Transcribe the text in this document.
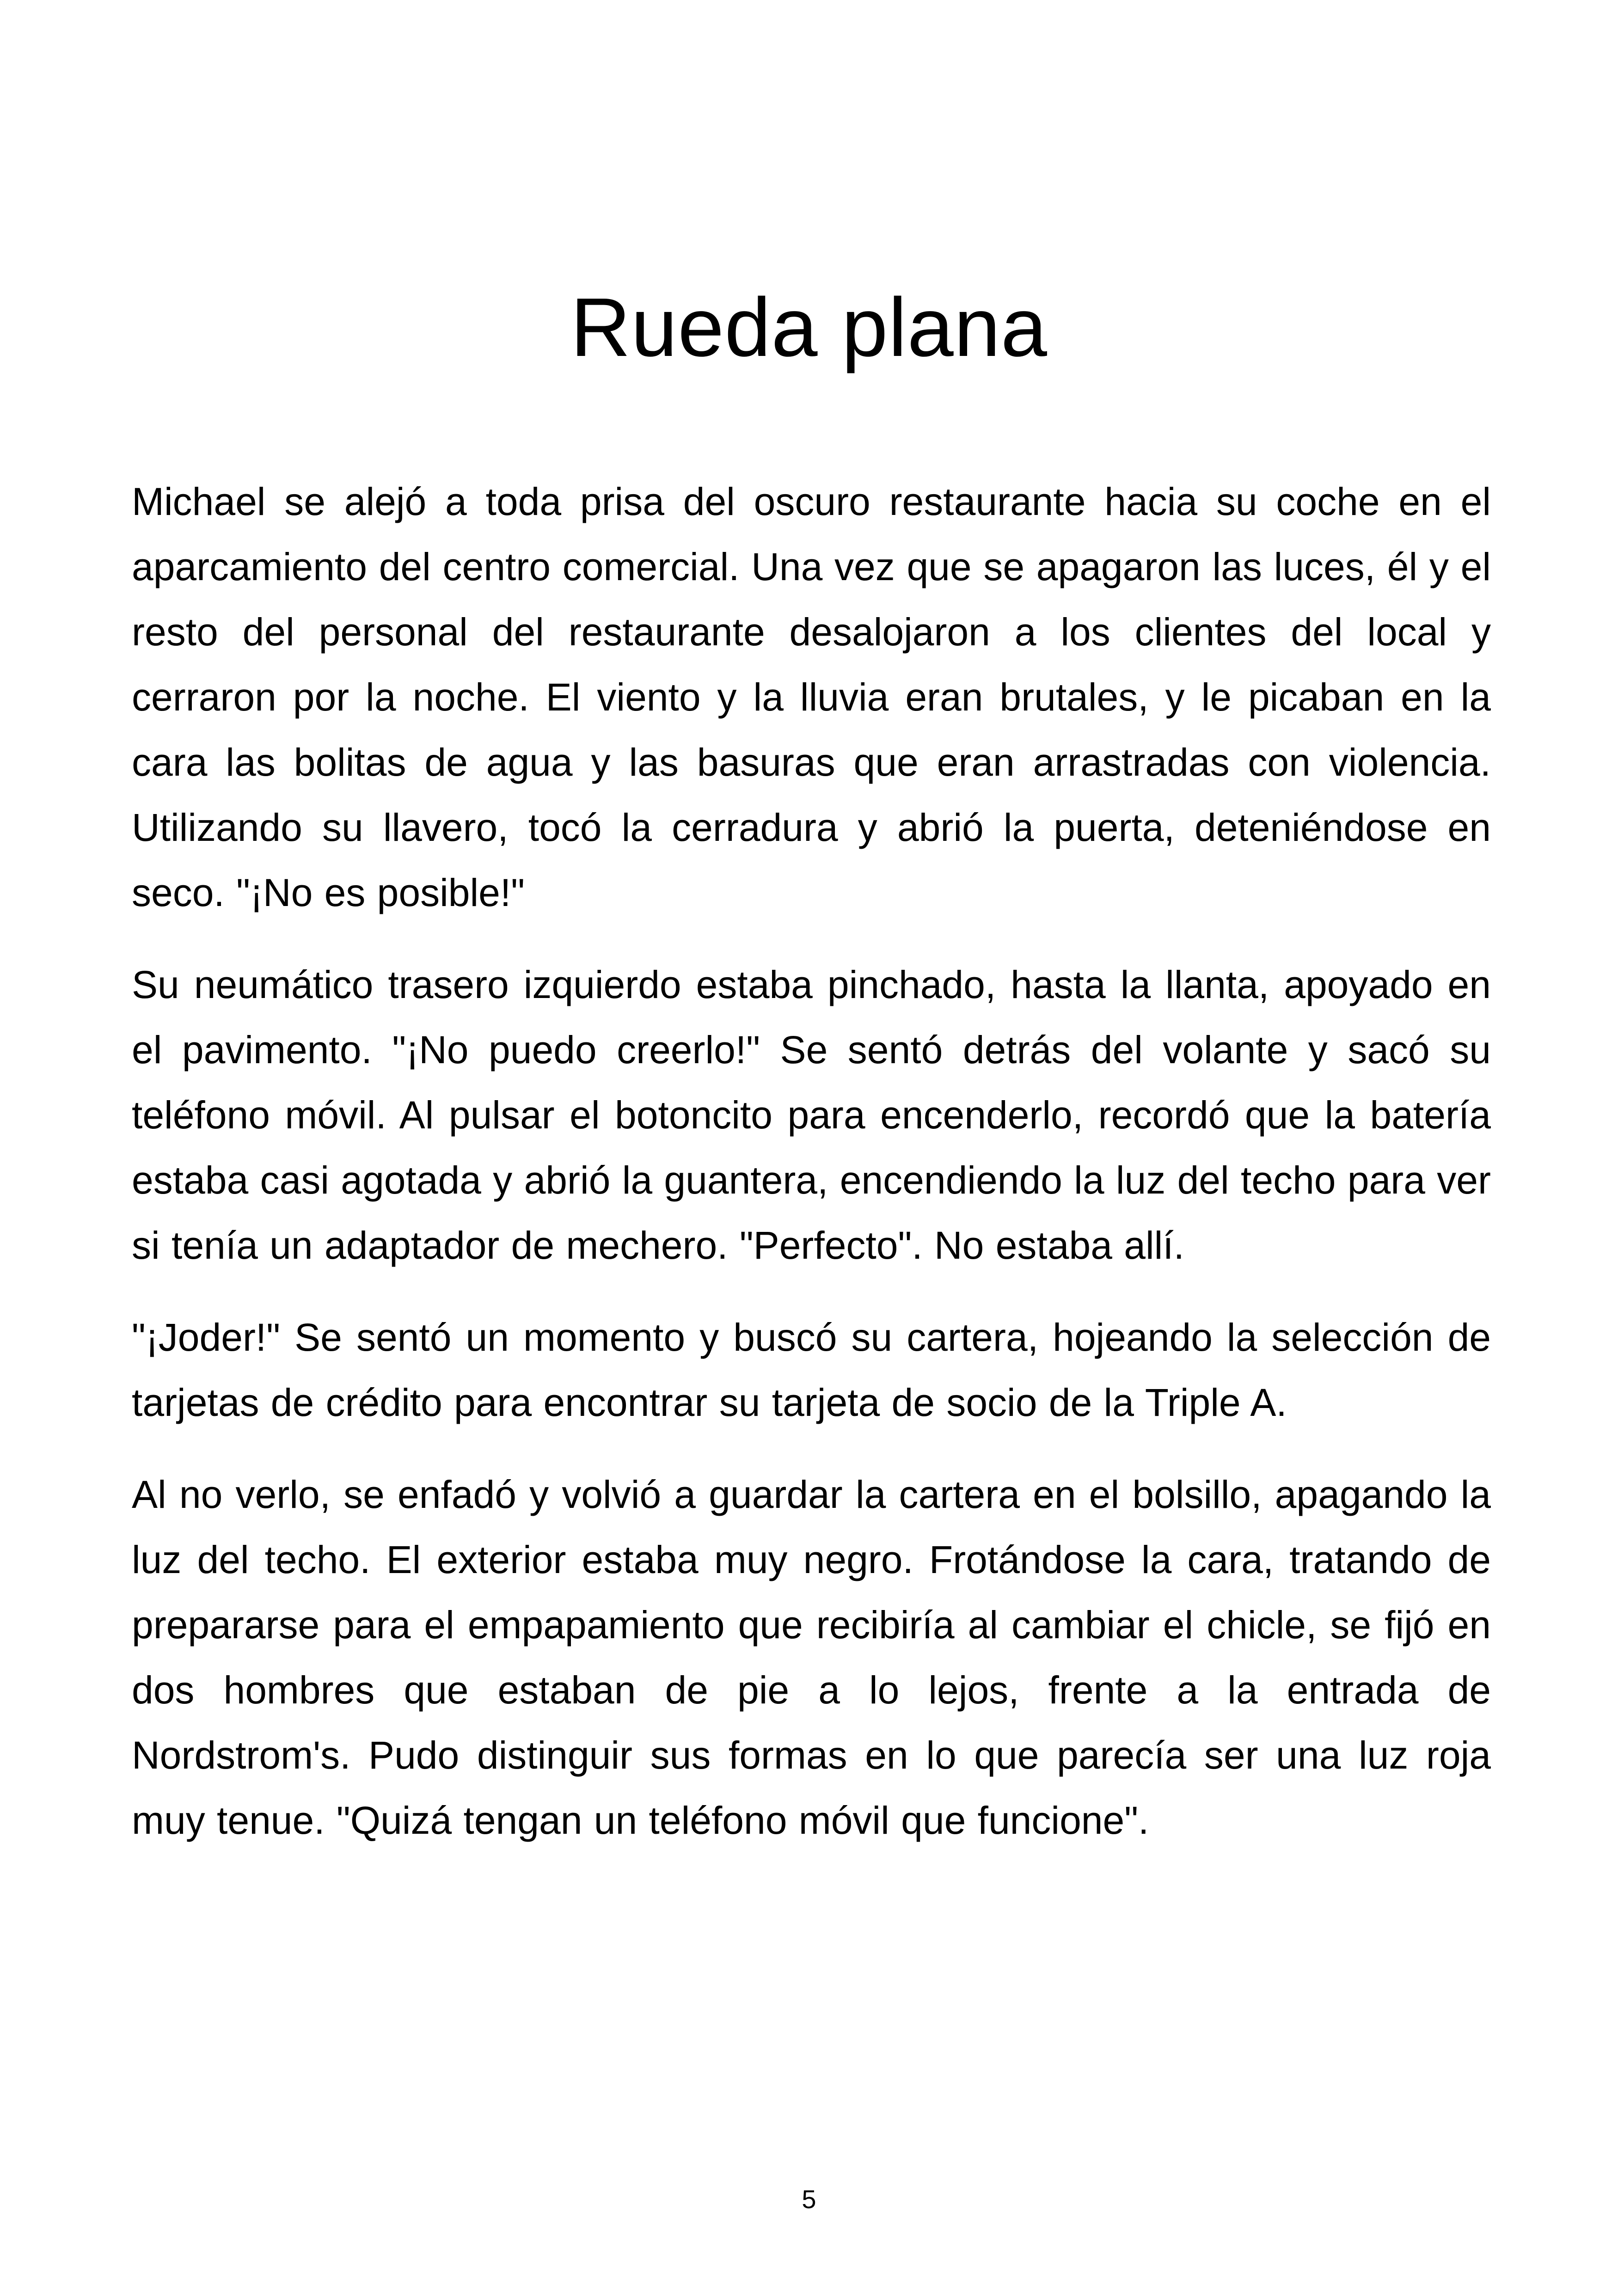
Rueda plana

Michael se alejó a toda prisa del oscuro restaurante hacia su coche en el aparcamiento del centro comercial. Una vez que se apagaron las luces, él y el resto del personal del restaurante desalojaron a los clientes del local y cerraron por la noche. El viento y la lluvia eran brutales, y le picaban en la cara las bolitas de agua y las basuras que eran arrastradas con violencia. Utilizando su llavero, tocó la cerradura y abrió la puerta, deteniéndose en seco. "¡No es posible!"

Su neumático trasero izquierdo estaba pinchado, hasta la llanta, apoyado en el pavimento. "¡No puedo creerlo!" Se sentó detrás del volante y sacó su teléfono móvil. Al pulsar el botoncito para encenderlo, recordó que la batería estaba casi agotada y abrió la guantera, encendiendo la luz del techo para ver si tenía un adaptador de mechero. "Perfecto". No estaba allí.

"¡Joder!" Se sentó un momento y buscó su cartera, hojeando la selección de tarjetas de crédito para encontrar su tarjeta de socio de la Triple A.

Al no verlo, se enfadó y volvió a guardar la cartera en el bolsillo, apagando la luz del techo. El exterior estaba muy negro. Frotándose la cara, tratando de prepararse para el empapamiento que recibiría al cambiar el chicle, se fijó en dos hombres que estaban de pie a lo lejos, frente a la entrada de Nordstrom's. Pudo distinguir sus formas en lo que parecía ser una luz roja muy tenue. "Quizá tengan un teléfono móvil que funcione".

5
